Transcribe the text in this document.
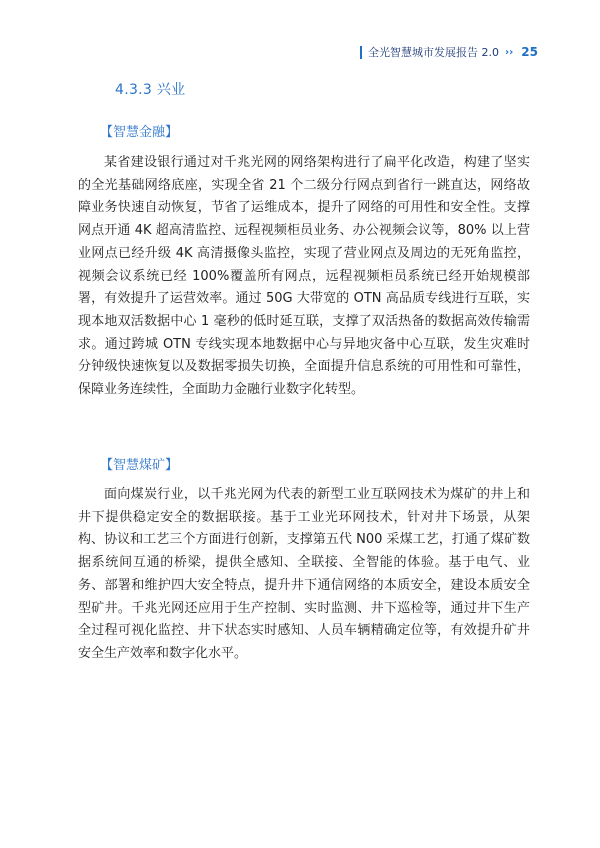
全光智慧城市发展报告 2.0 ›› 25
4.3.3 兴业
【智慧金融】

某省建设银行通过对千兆光网的网络架构进行了扁平化改造，构建了坚实的全光基础网络底座，实现全省 21 个二级分行网点到省行一跳直达，网络故障业务快速自动恢复，节省了运维成本，提升了网络的可用性和安全性。支撑网点开通 4K 超高清监控、远程视频柜员业务、办公视频会议等，80% 以上营业网点已经升级 4K 高清摄像头监控，实现了营业网点及周边的无死角监控，视频会议系统已经 100%覆盖所有网点，远程视频柜员系统已经开始规模部署，有效提升了运营效率。通过 50G 大带宽的 OTN 高品质专线进行互联，实现本地双活数据中心 1 毫秒的低时延互联，支撑了双活热备的数据高效传输需求。通过跨城 OTN 专线实现本地数据中心与异地灾备中心互联，发生灾难时分钟级快速恢复以及数据零损失切换，全面提升信息系统的可用性和可靠性，保障业务连续性，全面助力金融行业数字化转型。

【智慧煤矿】

面向煤炭行业，以千兆光网为代表的新型工业互联网技术为煤矿的井上和井下提供稳定安全的数据联接。基于工业光环网技术，针对井下场景，从架构、协议和工艺三个方面进行创新，支撑第五代 N00 采煤工艺，打通了煤矿数据系统间互通的桥梁，提供全感知、全联接、全智能的体验。基于电气、业务、部署和维护四大安全特点，提升井下通信网络的本质安全，建设本质安全型矿井。千兆光网还应用于生产控制、实时监测、井下巡检等，通过井下生产全过程可视化监控、井下状态实时感知、人员车辆精确定位等，有效提升矿井安全生产效率和数字化水平。
